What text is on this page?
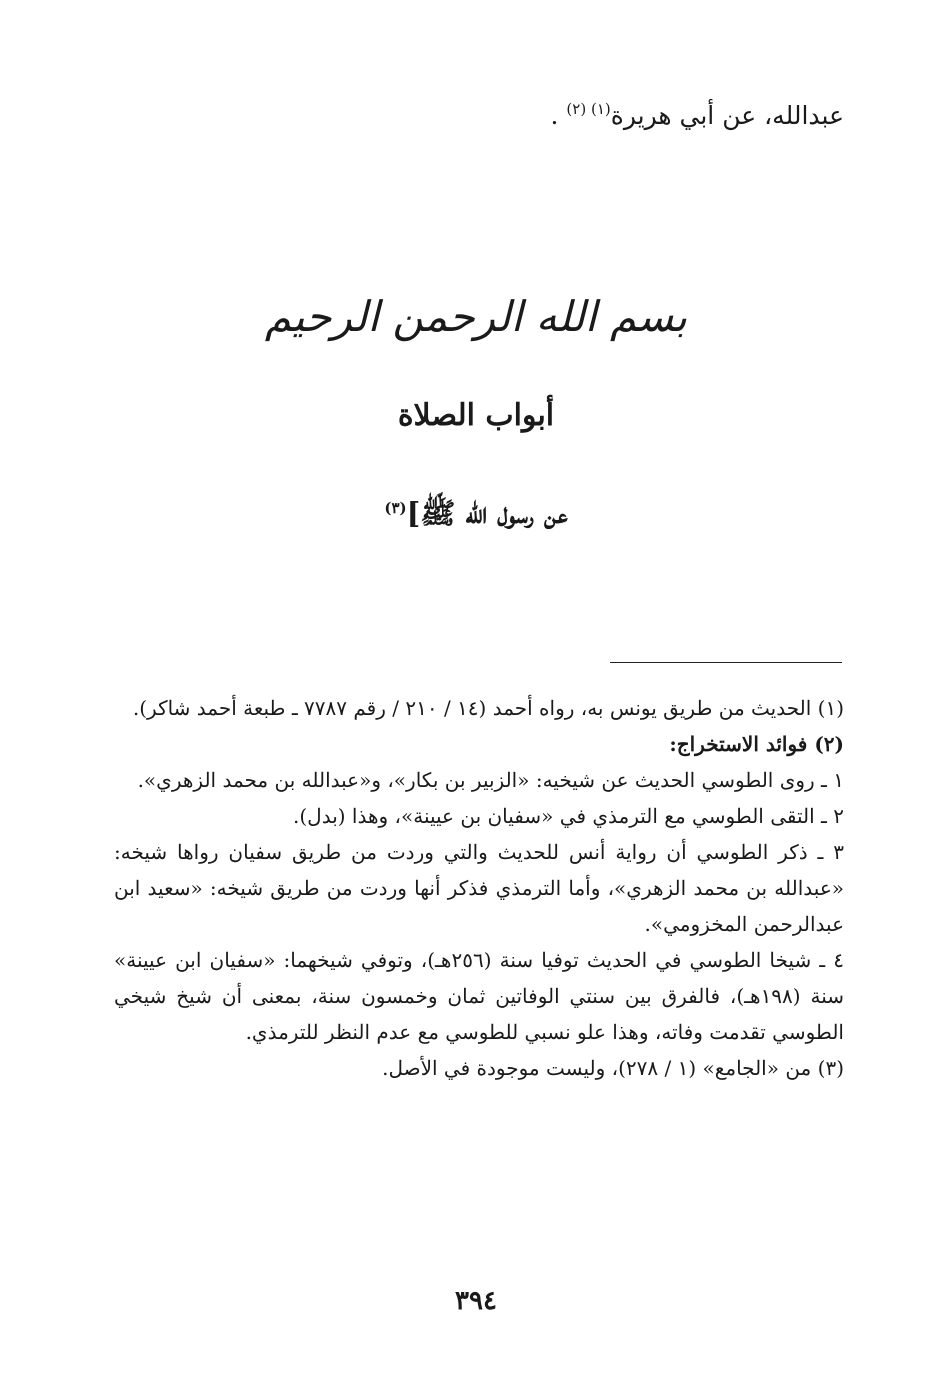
عبدالله، عن أبي هريرة$^{(١) (٢)}$ .
بسم الله الرحمن الرحيم
أبواب الصلاة
عن رسول الله ﷺ]$^{(٣)}$

(١) الحديث من طريق يونس به، رواه أحمد (١٤ / ٢١٠ / رقم ٧٧٨٧ ـ طبعة أحمد شاكر).

(٢) فوائد الاستخراج:

١ ـ روى الطوسي الحديث عن شيخيه: «الزبير بن بكار»، و«عبدالله بن محمد الزهري».

٢ ـ التقى الطوسي مع الترمذي في «سفيان بن عيينة»، وهذا (بدل).

٣ ـ ذكر الطوسي أن رواية أنس للحديث والتي وردت من طريق سفيان رواها شيخه: «عبدالله بن محمد الزهري»، وأما الترمذي فذكر أنها وردت من طريق شيخه: «سعيد ابن عبدالرحمن المخزومي».

٤ ـ شيخا الطوسي في الحديث توفيا سنة (٢٥٦هـ)، وتوفي شيخهما: «سفيان ابن عيينة» سنة (١٩٨هـ)، فالفرق بين سنتي الوفاتين ثمان وخمسون سنة، بمعنى أن شيخ شيخي الطوسي تقدمت وفاته، وهذا علو نسبي للطوسي مع عدم النظر للترمذي.

(٣) من «الجامع» (١ / ٢٧٨)، وليست موجودة في الأصل.

٣٩٤
